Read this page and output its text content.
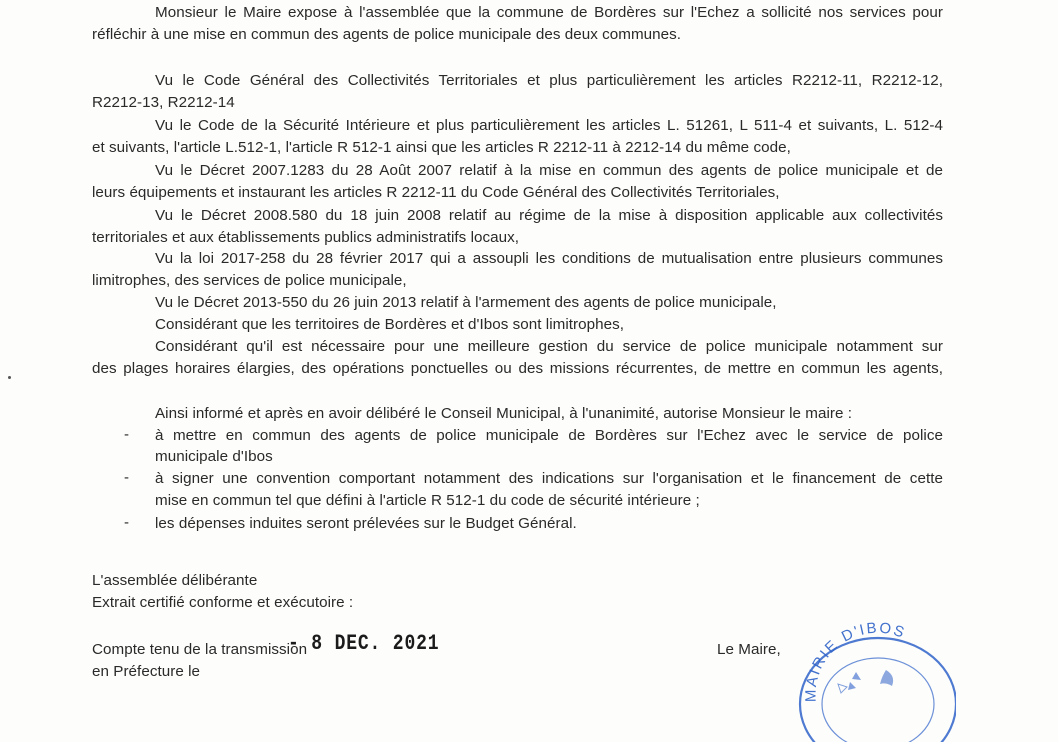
Monsieur le Maire expose à l'assemblée que la commune de Bordères sur l'Echez a sollicité nos services pour
réfléchir à une mise en commun des agents de police municipale des deux communes.
Vu le Code Général des Collectivités Territoriales et plus particulièrement les articles R2212-11, R2212-12,
R2212-13, R2212-14
Vu le Code de la Sécurité Intérieure et plus particulièrement les articles L. 51261, L 511-4 et suivants, L. 512-4
et suivants, l'article L.512-1, l'article R 512-1 ainsi que les articles R 2212-11 à 2212-14 du même code,
Vu le Décret 2007.1283 du 28 Août 2007 relatif à la mise en commun des agents de police municipale et de
leurs équipements et instaurant les articles R 2212-11 du Code Général des Collectivités Territoriales,
Vu le Décret 2008.580 du 18 juin 2008 relatif au régime de la mise à disposition applicable aux collectivités
territoriales et aux établissements publics administratifs locaux,
Vu la loi 2017-258 du 28 février 2017 qui a assoupli les conditions de mutualisation entre plusieurs communes
limitrophes, des services de police municipale,
Vu le Décret 2013-550 du 26 juin 2013 relatif à l'armement des agents de police municipale,
Considérant que les territoires de Bordères et d'Ibos sont limitrophes,
Considérant qu'il est nécessaire pour une meilleure gestion du service de police municipale notamment sur
des plages horaires élargies, des opérations ponctuelles ou des missions récurrentes, de mettre en commun les agents,
Ainsi informé et après en avoir délibéré le Conseil Municipal, à l'unanimité, autorise Monsieur le maire :
- à mettre en commun des agents de police municipale de Bordères sur l'Echez avec le service de police
municipale d'Ibos
- à signer une convention comportant notamment des indications sur l'organisation et le financement de cette
mise en commun tel que défini à l'article R 512-1 du code de sécurité intérieure ;
- les dépenses induites seront prélevées sur le Budget Général.
L'assemblée délibérante
Extrait certifié conforme et exécutoire :
Compte tenu de la transmission
- 8 DEC. 2021
en Préfecture le
Le Maire,
MAIRIE D'IBOS
